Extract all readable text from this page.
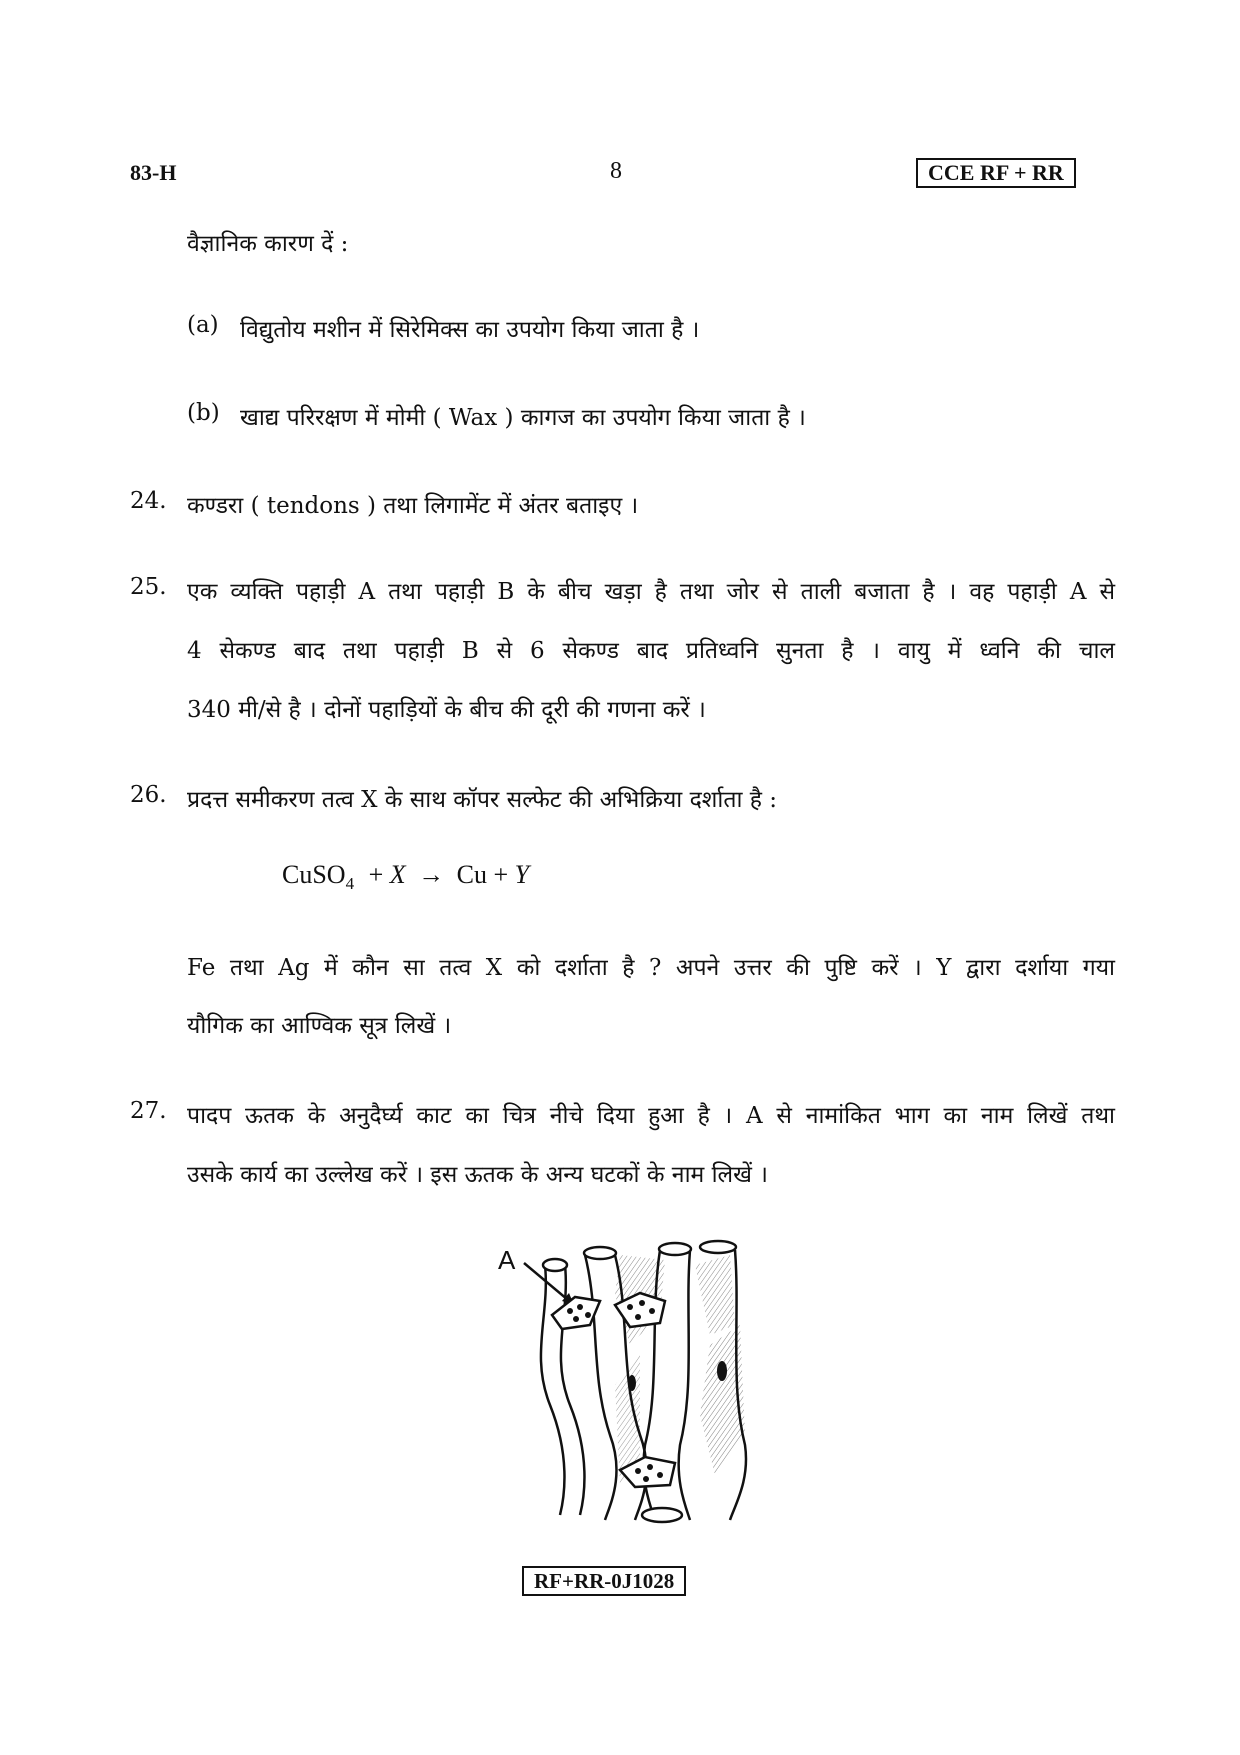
83-H	8	CCE RF + RR
वैज्ञानिक कारण दें :
(a) विद्युतोय मशीन में सिरेमिक्स का उपयोग किया जाता है ।
(b) खाद्य परिरक्षण में मोमी ( Wax ) कागज का उपयोग किया जाता है ।
24. कण्डरा ( tendons ) तथा लिगामेंट में अंतर बताइए ।
25. एक व्यक्ति पहाड़ी A तथा पहाड़ी B के बीच खड़ा है तथा जोर से ताली बजाता है । वह पहाड़ी A से
4 सेकण्ड बाद तथा पहाड़ी B से 6 सेकण्ड बाद प्रतिध्वनि सुनता है । वायु में ध्वनि की चाल
340 मी/से है । दोनों पहाड़ियों के बीच की दूरी की गणना करें ।
26. प्रदत्त समीकरण तत्व X के साथ कॉपर सल्फेट की अभिक्रिया दर्शाता है :
CuSO$_4$ + X → Cu + Y
Fe तथा Ag में कौन सा तत्व X को दर्शाता है ? अपने उत्तर की पुष्टि करें । Y द्वारा दर्शाया गया
यौगिक का आण्विक सूत्र लिखें ।
27. पादप ऊतक के अनुदैर्घ्य काट का चित्र नीचे दिया हुआ है । A से नामांकित भाग का नाम लिखें तथा
उसके कार्य का उल्लेख करें । इस ऊतक के अन्य घटकों के नाम लिखें ।
A
RF+RR-0J1028
